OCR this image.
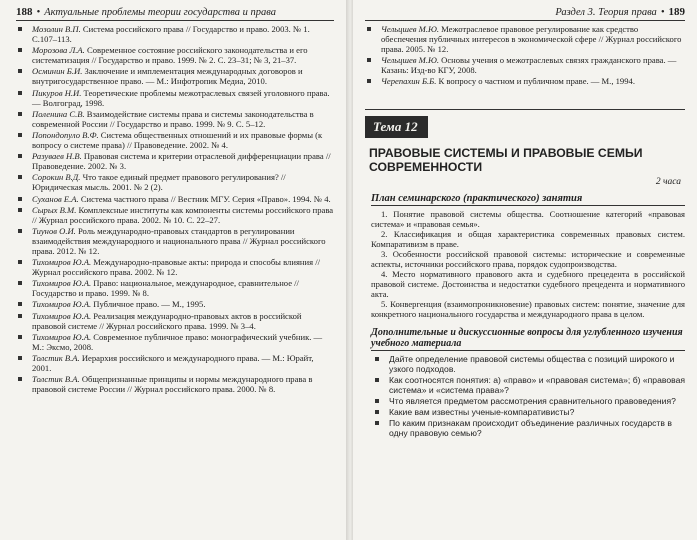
188 • Актуальные проблемы теории государства и права
Мозолин В.П. Система российского права // Государство и право. 2003. № 1. С.107–113.
Морозова Л.А. Современное состояние российского законодательства и его систематизация // Государство и право. 1999. № 2. С. 23–31; № 3, 21–37.
Осминин Б.И. Заключение и имплементация международных договоров и внутригосударственное право. — М.: Инфотропик Медиа, 2010.
Пикуров Н.И. Теоретические проблемы межотраслевых связей уголовного права. — Волгоград, 1998.
Поленина С.В. Взаимодействие системы права и системы законодательства в современной России // Государство и право. 1999. № 9. С. 5–12.
Попондопуло В.Ф. Система общественных отношений и их правовые формы (к вопросу о системе права) // Правоведение. 2002. № 4.
Разуваев Н.В. Правовая система и критерии отраслевой дифференциации права // Правоведение. 2002. № 3.
Сорокин В.Д. Что такое единый предмет правового регулирования? // Юридическая мысль. 2001. № 2 (2).
Суханов Е.А. Система частного права // Вестник МГУ. Серия «Право». 1994. № 4.
Сырых В.М. Комплексные институты как компоненты системы российского права // Журнал российского права. 2002. № 10. С. 22–27.
Тиунов О.И. Роль международно-правовых стандартов в регулировании взаимодействия международного и национального права // Журнал российского права. 2012. № 12.
Тихомиров Ю.А. Международно-правовые акты: природа и способы влияния // Журнал российского права. 2002. № 12.
Тихомиров Ю.А. Право: национальное, международное, сравнительное // Государство и право. 1999. № 8.
Тихомиров Ю.А. Публичное право. — М., 1995.
Тихомиров Ю.А. Реализация международно-правовых актов в российской правовой системе // Журнал российского права. 1999. № 3–4.
Тихомиров Ю.А. Современное публичное право: монографический учебник. — М.: Эксмо, 2008.
Толстик В.А. Иерархия российского и международного права. — М.: Юрайт, 2001.
Толстик В.А. Общепризнанные принципы и нормы международного права в правовой системе России // Журнал российского права. 2000. № 8.
Раздел 3. Теория права • 189
Чельцшев М.Ю. Межотраслевое правовое регулирование как средство обеспечения публичных интересов в экономической сфере // Журнал российского права. 2005. № 12.
Чельцшев М.Ю. Основы учения о межотраслевых связях гражданского права. — Казань: Изд-во КГУ, 2008.
Черепахин Б.Б. К вопросу о частном и публичном праве. — М., 1994.
Тема 12
ПРАВОВЫЕ СИСТЕМЫ И ПРАВОВЫЕ СЕМЬИ СОВРЕМЕННОСТИ
2 часа
План семинарского (практического) занятия

1. Понятие правовой системы общества. Соотношение категорий «правовая система» и «правовая семья».

2. Классификация и общая характеристика современных правовых систем. Компаративизм в праве.

3. Особенности российской правовой системы: исторические и современные аспекты, источники российского права, порядок судопроизводства.

4. Место нормативного правового акта и судебного прецедента в российской правовой системе. Достоинства и недостатки судебного прецедента и нормативного акта.

5. Конвергенция (взаимопроникновение) правовых систем: понятие, значение для конкретного национального государства и международного права в целом.

Дополнительные и дискуссионные вопросы для углубленного изучения учебного материала
Дайте определение правовой системы общества с позиций широкого и узкого подходов.
Как соотносятся понятия: а) «право» и «правовая система»; б) «правовая система» и «система права»?
Что является предметом рассмотрения сравнительного правоведения?
Какие вам известны ученые-компаративисты?
По каким признакам происходит объединение различных государств в одну правовую семью?
